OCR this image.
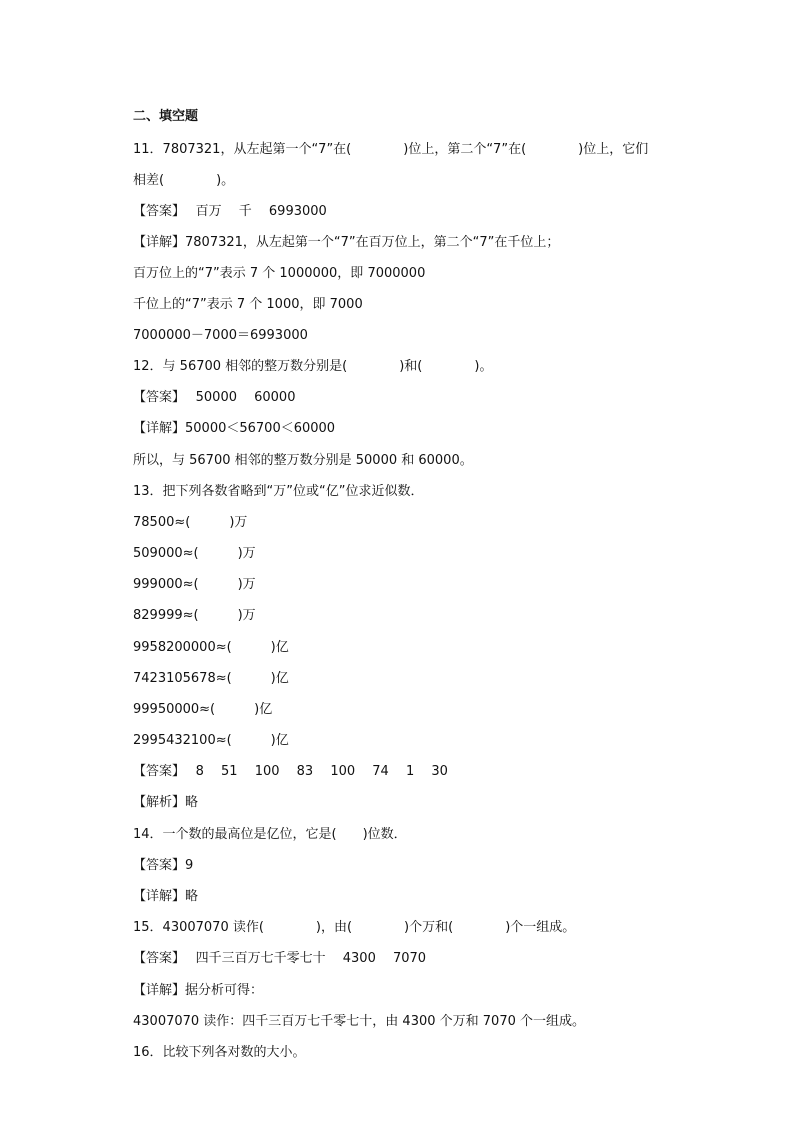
二、填空题
11．7807321，从左起第一个“7”在(　　　　)位上，第二个“7”在(　　　　)位上，它们
相差(　　　　)。
【答案】　 百万　 千　 6993000
【详解】7807321，从左起第一个“7”在百万位上，第二个“7”在千位上；
百万位上的“7”表示 7 个 1000000，即 7000000
千位上的“7”表示 7 个 1000，即 7000
7000000－7000＝6993000
12．与 56700 相邻的整万数分别是(　　　　)和(　　　　)。
【答案】　 50000　 60000
【详解】50000＜56700＜60000
所以，与 56700 相邻的整万数分别是 50000 和 60000。
13．把下列各数省略到“万”位或“亿”位求近似数．
78500≈(　　　)万
509000≈(　　　)万
999000≈(　　　)万
829999≈(　　　)万
9958200000≈(　　　)亿
7423105678≈(　　　)亿
99950000≈(　　　)亿
2995432100≈(　　　)亿
【答案】　 8　 51　 100　 83　 100　 74　 1　 30
【解析】略
14．一个数的最高位是亿位，它是(　　)位数．
【答案】9
【详解】略
15．43007070 读作(　　　　)，由(　　　　)个万和(　　　　)个一组成。
【答案】　 四千三百万七千零七十　 4300　 7070
【详解】据分析可得：
43007070 读作：四千三百万七千零七十，由 4300 个万和 7070 个一组成。
16．比较下列各对数的大小。
